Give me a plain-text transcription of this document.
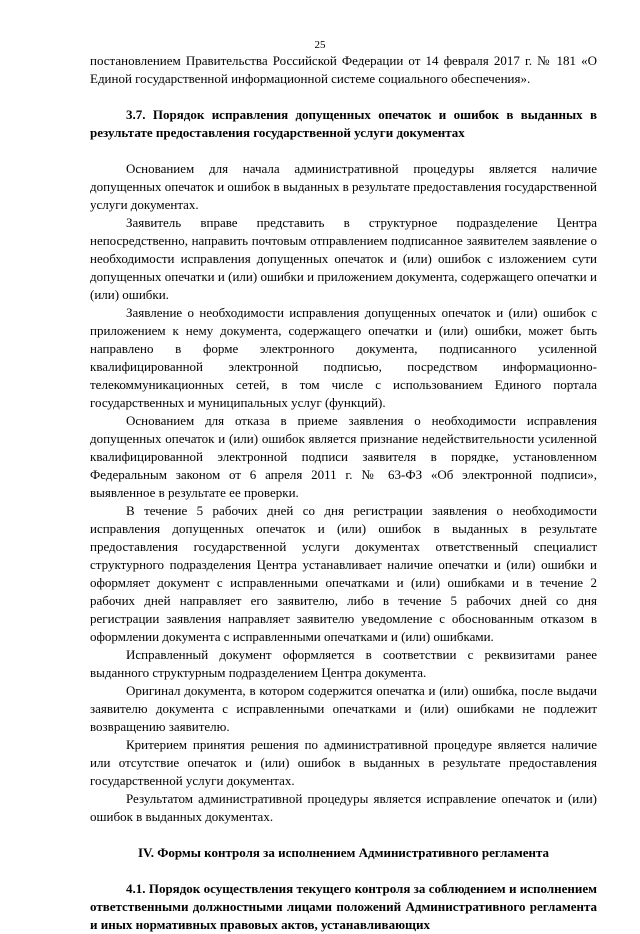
25

постановлением Правительства Российской Федерации от 14 февраля 2017 г. № 181 «О Единой государственной информационной системе социального обеспечения».

3.7. Порядок исправления допущенных опечаток и ошибок в выданных в результате предоставления государственной услуги документах

Основанием для начала административной процедуры является наличие допущенных опечаток и ошибок в выданных в результате предоставления государственной услуги документах.

Заявитель вправе представить в структурное подразделение Центра непосредственно, направить почтовым отправлением подписанное заявителем заявление о необходимости исправления допущенных опечаток и (или) ошибок с изложением сути допущенных опечатки и (или) ошибки и приложением документа, содержащего опечатки и (или) ошибки.

Заявление о необходимости исправления допущенных опечаток и (или) ошибок с приложением к нему документа, содержащего опечатки и (или) ошибки, может быть направлено в форме электронного документа, подписанного усиленной квалифицированной электронной подписью, посредством информационно-телекоммуникационных сетей, в том числе с использованием Единого портала государственных и муниципальных услуг (функций).

Основанием для отказа в приеме заявления о необходимости исправления допущенных опечаток и (или) ошибок является признание недействительности усиленной квалифицированной электронной подписи заявителя в порядке, установленном Федеральным законом от 6 апреля 2011 г. № 63-ФЗ «Об электронной подписи», выявленное в результате ее проверки.

В течение 5 рабочих дней со дня регистрации заявления о необходимости исправления допущенных опечаток и (или) ошибок в выданных в результате предоставления государственной услуги документах ответственный специалист структурного подразделения Центра устанавливает наличие опечатки и (или) ошибки и оформляет документ с исправленными опечатками и (или) ошибками и в течение 2 рабочих дней направляет его заявителю, либо в течение 5 рабочих дней со дня регистрации заявления направляет заявителю уведомление с обоснованным отказом в оформлении документа с исправленными опечатками и (или) ошибками.

Исправленный документ оформляется в соответствии с реквизитами ранее выданного структурным подразделением Центра документа.

Оригинал документа, в котором содержится опечатка и (или) ошибка, после выдачи заявителю документа с исправленными опечатками и (или) ошибками не подлежит возвращению заявителю.

Критерием принятия решения по административной процедуре является наличие или отсутствие опечаток и (или) ошибок в выданных в результате предоставления государственной услуги документах.

Результатом административной процедуры является исправление опечаток и (или) ошибок в выданных документах.

IV. Формы контроля за исполнением Административного регламента

4.1. Порядок осуществления текущего контроля за соблюдением и исполнением ответственными должностными лицами положений Административного регламента и иных нормативных правовых актов, устанавливающих
